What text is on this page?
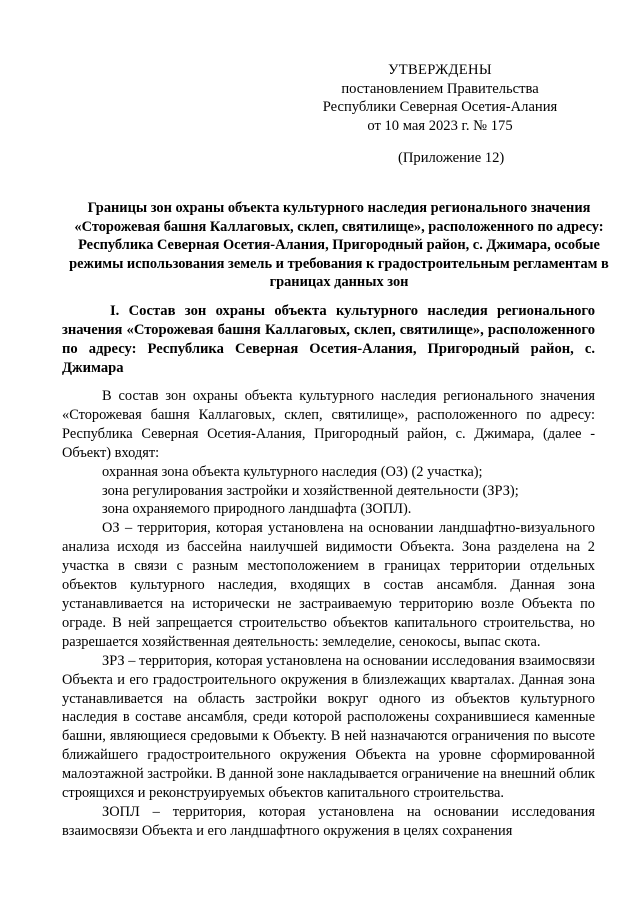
УТВЕРЖДЕНЫ
постановлением Правительства
Республики Северная Осетия-Алания
от 10 мая 2023 г. № 175
(Приложение 12)
Границы зон охраны объекта культурного наследия регионального значения «Сторожевая башня Каллаговых, склеп, святилище», расположенного по адресу: Республика Северная Осетия-Алания, Пригородный район, с. Джимара, особые режимы использования земель и требования к градостроительным регламентам в границах данных зон
I. Состав зон охраны объекта культурного наследия регионального значения «Сторожевая башня Каллаговых, склеп, святилище», расположенного по адресу: Республика Северная Осетия-Алания, Пригородный район, с. Джимара

В состав зон охраны объекта культурного наследия регионального значения «Сторожевая башня Каллаговых, склеп, святилище», расположенного по адресу: Республика Северная Осетия-Алания, Пригородный район, с. Джимара, (далее - Объект) входят:

охранная зона объекта культурного наследия (ОЗ) (2 участка);

зона регулирования застройки и хозяйственной деятельности (ЗРЗ);

зона охраняемого природного ландшафта (ЗОПЛ).

ОЗ – территория, которая установлена на основании ландшафтно-визуального анализа исходя из бассейна наилучшей видимости Объекта. Зона разделена на 2 участка в связи с разным местоположением в границах территории отдельных объектов культурного наследия, входящих в состав ансамбля. Данная зона устанавливается на исторически не застраиваемую территорию возле Объекта по ограде. В ней запрещается строительство объектов капитального строительства, но разрешается хозяйственная деятельность: земледелие, сенокосы, выпас скота.

ЗРЗ – территория, которая установлена на основании исследования взаимосвязи Объекта и его градостроительного окружения в близлежащих кварталах. Данная зона устанавливается на область застройки вокруг одного из объектов культурного наследия в составе ансамбля, среди которой расположены сохранившиеся каменные башни, являющиеся средовыми к Объекту. В ней назначаются ограничения по высоте ближайшего градостроительного окружения Объекта на уровне сформированной малоэтажной застройки. В данной зоне накладывается ограничение на внешний облик строящихся и реконструируемых объектов капитального строительства.

ЗОПЛ – территория, которая установлена на основании исследования взаимосвязи Объекта и его ландшафтного окружения в целях сохранения
